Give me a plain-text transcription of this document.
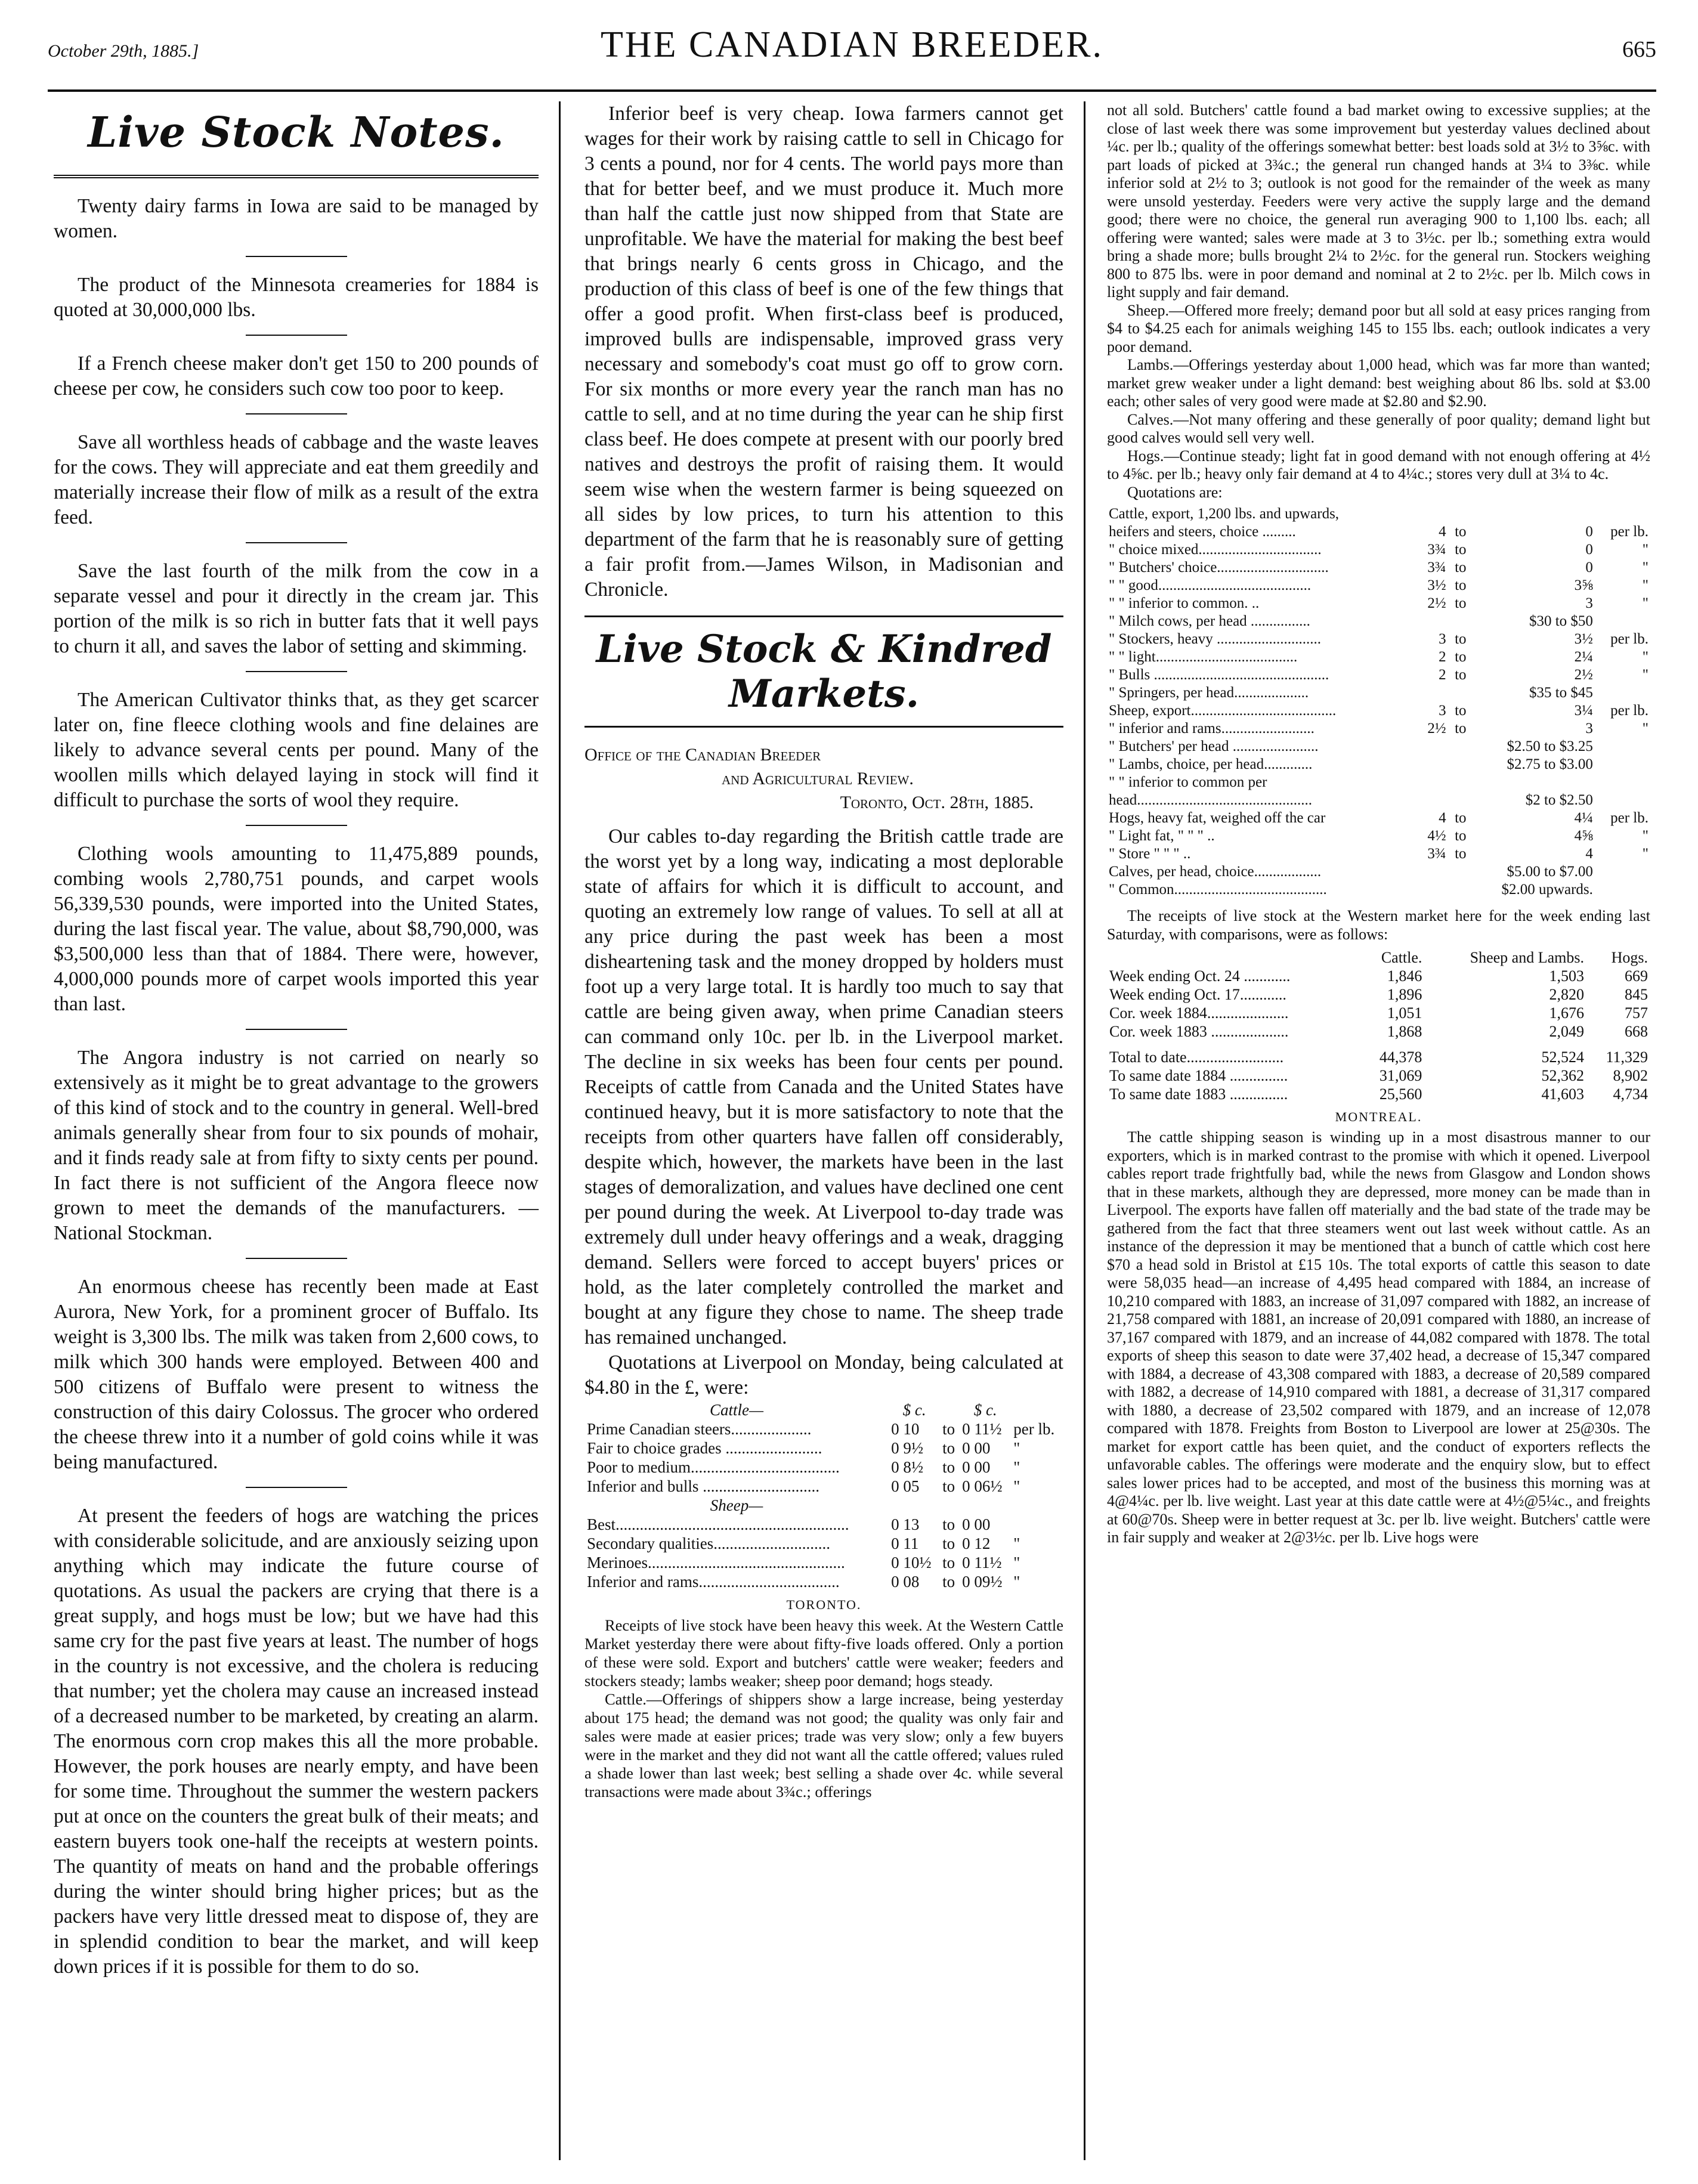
October 29th, 1885.]	THE CANADIAN BREEDER.	665
Live Stock Notes.

Twenty dairy farms in Iowa are said to be managed by women.

The product of the Minnesota creameries for 1884 is quoted at 30,000,000 lbs.

If a French cheese maker don't get 150 to 200 pounds of cheese per cow, he considers such cow too poor to keep.

Save all worthless heads of cabbage and the waste leaves for the cows. They will appreciate and eat them greedily and materially increase their flow of milk as a result of the extra feed.

Save the last fourth of the milk from the cow in a separate vessel and pour it directly in the cream jar. This portion of the milk is so rich in butter fats that it well pays to churn it all, and saves the labor of setting and skimming.

The American Cultivator thinks that, as they get scarcer later on, fine fleece clothing wools and fine delaines are likely to advance several cents per pound. Many of the woollen mills which delayed laying in stock will find it difficult to purchase the sorts of wool they require.

Clothing wools amounting to 11,475,889 pounds, combing wools 2,780,751 pounds, and carpet wools 56,339,530 pounds, were imported into the United States, during the last fiscal year. The value, about $8,790,000, was $3,500,000 less than that of 1884. There were, however, 4,000,000 pounds more of carpet wools imported this year than last.

The Angora industry is not carried on nearly so extensively as it might be to great advantage to the growers of this kind of stock and to the country in general. Well-bred animals generally shear from four to six pounds of mohair, and it finds ready sale at from fifty to sixty cents per pound. In fact there is not sufficient of the Angora fleece now grown to meet the demands of the manufacturers. —National Stockman.

An enormous cheese has recently been made at East Aurora, New York, for a prominent grocer of Buffalo. Its weight is 3,300 lbs. The milk was taken from 2,600 cows, to milk which 300 hands were employed. Between 400 and 500 citizens of Buffalo were present to witness the construction of this dairy Colossus. The grocer who ordered the cheese threw into it a number of gold coins while it was being manufactured.

At present the feeders of hogs are watching the prices with considerable solicitude, and are anxiously seizing upon anything which may indicate the future course of quotations. As usual the packers are crying that there is a great supply, and hogs must be low; but we have had this same cry for the past five years at least. The number of hogs in the country is not excessive, and the cholera is reducing that number; yet the cholera may cause an increased instead of a decreased number to be marketed, by creating an alarm. The enormous corn crop makes this all the more probable. However, the pork houses are nearly empty, and have been for some time. Throughout the summer the western packers put at once on the counters the great bulk of their meats; and eastern buyers took one-half the receipts at western points. The quantity of meats on hand and the probable offerings during the winter should bring higher prices; but as the packers have very little dressed meat to dispose of, they are in splendid condition to bear the market, and will keep down prices if it is possible for them to do so.

Inferior beef is very cheap. Iowa farmers cannot get wages for their work by raising cattle to sell in Chicago for 3 cents a pound, nor for 4 cents. The world pays more than that for better beef, and we must produce it. Much more than half the cattle just now shipped from that State are unprofitable. We have the material for making the best beef that brings nearly 6 cents gross in Chicago, and the production of this class of beef is one of the few things that offer a good profit. When first-class beef is produced, improved bulls are indispensable, improved grass very necessary and somebody's coat must go off to grow corn. For six months or more every year the ranch man has no cattle to sell, and at no time during the year can he ship first class beef. He does compete at present with our poorly bred natives and destroys the profit of raising them. It would seem wise when the western farmer is being squeezed on all sides by low prices, to turn his attention to this department of the farm that he is reasonably sure of getting a fair profit from.—James Wilson, in Madisonian and Chronicle.

Live Stock & Kindred Markets.
Office of the Canadian Breeder
and Agricultural Review.
Toronto, Oct. 28th, 1885.

Our cables to-day regarding the British cattle trade are the worst yet by a long way, indicating a most deplorable state of affairs for which it is difficult to account, and quoting an extremely low range of values. To sell at all at any price during the past week has been a most disheartening task and the money dropped by holders must foot up a very large total. It is hardly too much to say that cattle are being given away, when prime Canadian steers can command only 10c. per lb. in the Liverpool market. The decline in six weeks has been four cents per pound. Receipts of cattle from Canada and the United States have continued heavy, but it is more satisfactory to note that the receipts from other quarters have fallen off considerably, despite which, however, the markets have been in the last stages of demoralization, and values have declined one cent per pound during the week. At Liverpool to-day trade was extremely dull under heavy offerings and a weak, dragging demand. Sellers were forced to accept buyers' prices or hold, as the later completely controlled the market and bought at any figure they chose to name. The sheep trade has remained unchanged.

Quotations at Liverpool on Monday, being calculated at $4.80 in the £, were:

Cattle—	$ c.		$ c.	
Prime Canadian steers....................	0 10	to	0 11½	per lb.
Fair to choice grades ........................	0 9½	to	0 00	"
Poor to medium.....................................	0 8½	to	0 00	"
Inferior and bulls .............................	0 05	to	0 06½	"
Sheep—				
Best..........................................................	0 13	to	0 00	
Secondary qualities.............................	0 11	to	0 12	"
Merinoes.................................................	0 10½	to	0 11½	"
Inferior and rams...................................	0 08	to	0 09½	"
TORONTO.

Receipts of live stock have been heavy this week. At the Western Cattle Market yesterday there were about fifty-five loads offered. Only a portion of these were sold. Export and butchers' cattle were weaker; feeders and stockers steady; lambs weaker; sheep poor demand; hogs steady.

Cattle.—Offerings of shippers show a large increase, being yesterday about 175 head; the demand was not good; the quality was only fair and sales were made at easier prices; trade was very slow; only a few buyers were in the market and they did not want all the cattle offered; values ruled a shade lower than last week; best selling a shade over 4c. while several transactions were made about 3¾c.; offerings

not all sold. Butchers' cattle found a bad market owing to excessive supplies; at the close of last week there was some improvement but yesterday values declined about ¼c. per lb.; quality of the offerings somewhat better: best loads sold at 3½ to 3⅝c. with part loads of picked at 3¾c.; the general run changed hands at 3¼ to 3⅜c. while inferior sold at 2½ to 3; outlook is not good for the remainder of the week as many were unsold yesterday. Feeders were very active the supply large and the demand good; there were no choice, the general run averaging 900 to 1,100 lbs. each; all offering were wanted; sales were made at 3 to 3½c. per lb.; something extra would bring a shade more; bulls brought 2¼ to 2½c. for the general run. Stockers weighing 800 to 875 lbs. were in poor demand and nominal at 2 to 2½c. per lb. Milch cows in light supply and fair demand.

Sheep.—Offered more freely; demand poor but all sold at easy prices ranging from $4 to $4.25 each for animals weighing 145 to 155 lbs. each; outlook indicates a very poor demand.

Lambs.—Offerings yesterday about 1,000 head, which was far more than wanted; market grew weaker under a light demand: best weighing about 86 lbs. sold at $3.00 each; other sales of very good were made at $2.80 and $2.90.

Calves.—Not many offering and these generally of poor quality; demand light but good calves would sell very well.

Hogs.—Continue steady; light fat in good demand with not enough offering at 4½ to 4⅝c. per lb.; heavy only fair demand at 4 to 4¼c.; stores very dull at 3¼ to 4c.

Quotations are:

Cattle, export, 1,200 lbs. and upwards,				
heifers and steers, choice .........	4	to	0	per lb.
" choice mixed.................................	3¾	to	0	"
" Butchers' choice..............................	3¾	to	0	"
" " good.........................................	3½	to	3⅝	"
" " inferior to common. ..	2½	to	3	"
" Milch cows, per head ................			$30 to $50	
" Stockers, heavy ............................	3	to	3½	per lb.
" " light......................................	2	to	2¼	"
" Bulls ...............................................	2	to	2½	"
" Springers, per head....................			$35 to $45	
Sheep, export.......................................	3	to	3¼	per lb.
" inferior and rams.........................	2½	to	3	"
" Butchers' per head .......................			$2.50 to $3.25	
" Lambs, choice, per head.............			$2.75 to $3.00	
" " inferior to common per				
head...............................................			$2 to $2.50	
Hogs, heavy fat, weighed off the car	4	to	4¼	per lb.
" Light fat, " " " ..	4½	to	4⅝	"
" Store " " " ..	3¾	to	4	"
Calves, per head, choice..................			$5.00 to $7.00	
" Common.........................................			$2.00 upwards.	

The receipts of live stock at the Western market here for the week ending last Saturday, with comparisons, were as follows:

	Cattle.	Sheep and Lambs.	Hogs.
Week ending Oct. 24 ............	1,846	1,503	669
Week ending Oct. 17............	1,896	2,820	845
Cor. week 1884.....................	1,051	1,676	757
Cor. week 1883 ....................	1,868	2,049	668
Total to date.........................	44,378	52,524	11,329
To same date 1884 ...............	31,069	52,362	8,902
To same date 1883 ...............	25,560	41,603	4,734
MONTREAL.

The cattle shipping season is winding up in a most disastrous manner to our exporters, which is in marked contrast to the promise with which it opened. Liverpool cables report trade frightfully bad, while the news from Glasgow and London shows that in these markets, although they are depressed, more money can be made than in Liverpool. The exports have fallen off materially and the bad state of the trade may be gathered from the fact that three steamers went out last week without cattle. As an instance of the depression it may be mentioned that a bunch of cattle which cost here $70 a head sold in Bristol at £15 10s. The total exports of cattle this season to date were 58,035 head—an increase of 4,495 head compared with 1884, an increase of 10,210 compared with 1883, an increase of 31,097 compared with 1882, an increase of 21,758 compared with 1881, an increase of 20,091 compared with 1880, an increase of 37,167 compared with 1879, and an increase of 44,082 compared with 1878. The total exports of sheep this season to date were 37,402 head, a decrease of 15,347 compared with 1884, a decrease of 43,308 compared with 1883, a decrease of 20,589 compared with 1882, a decrease of 14,910 compared with 1881, a decrease of 31,317 compared with 1880, a decrease of 23,502 compared with 1879, and an increase of 12,078 compared with 1878. Freights from Boston to Liverpool are lower at 25@30s. The market for export cattle has been quiet, and the conduct of exporters reflects the unfavorable cables. The offerings were moderate and the enquiry slow, but to effect sales lower prices had to be accepted, and most of the business this morning was at 4@4¼c. per lb. live weight. Last year at this date cattle were at 4½@5¼c., and freights at 60@70s. Sheep were in better request at 3c. per lb. live weight. Butchers' cattle were in fair supply and weaker at 2@3½c. per lb. Live hogs were
